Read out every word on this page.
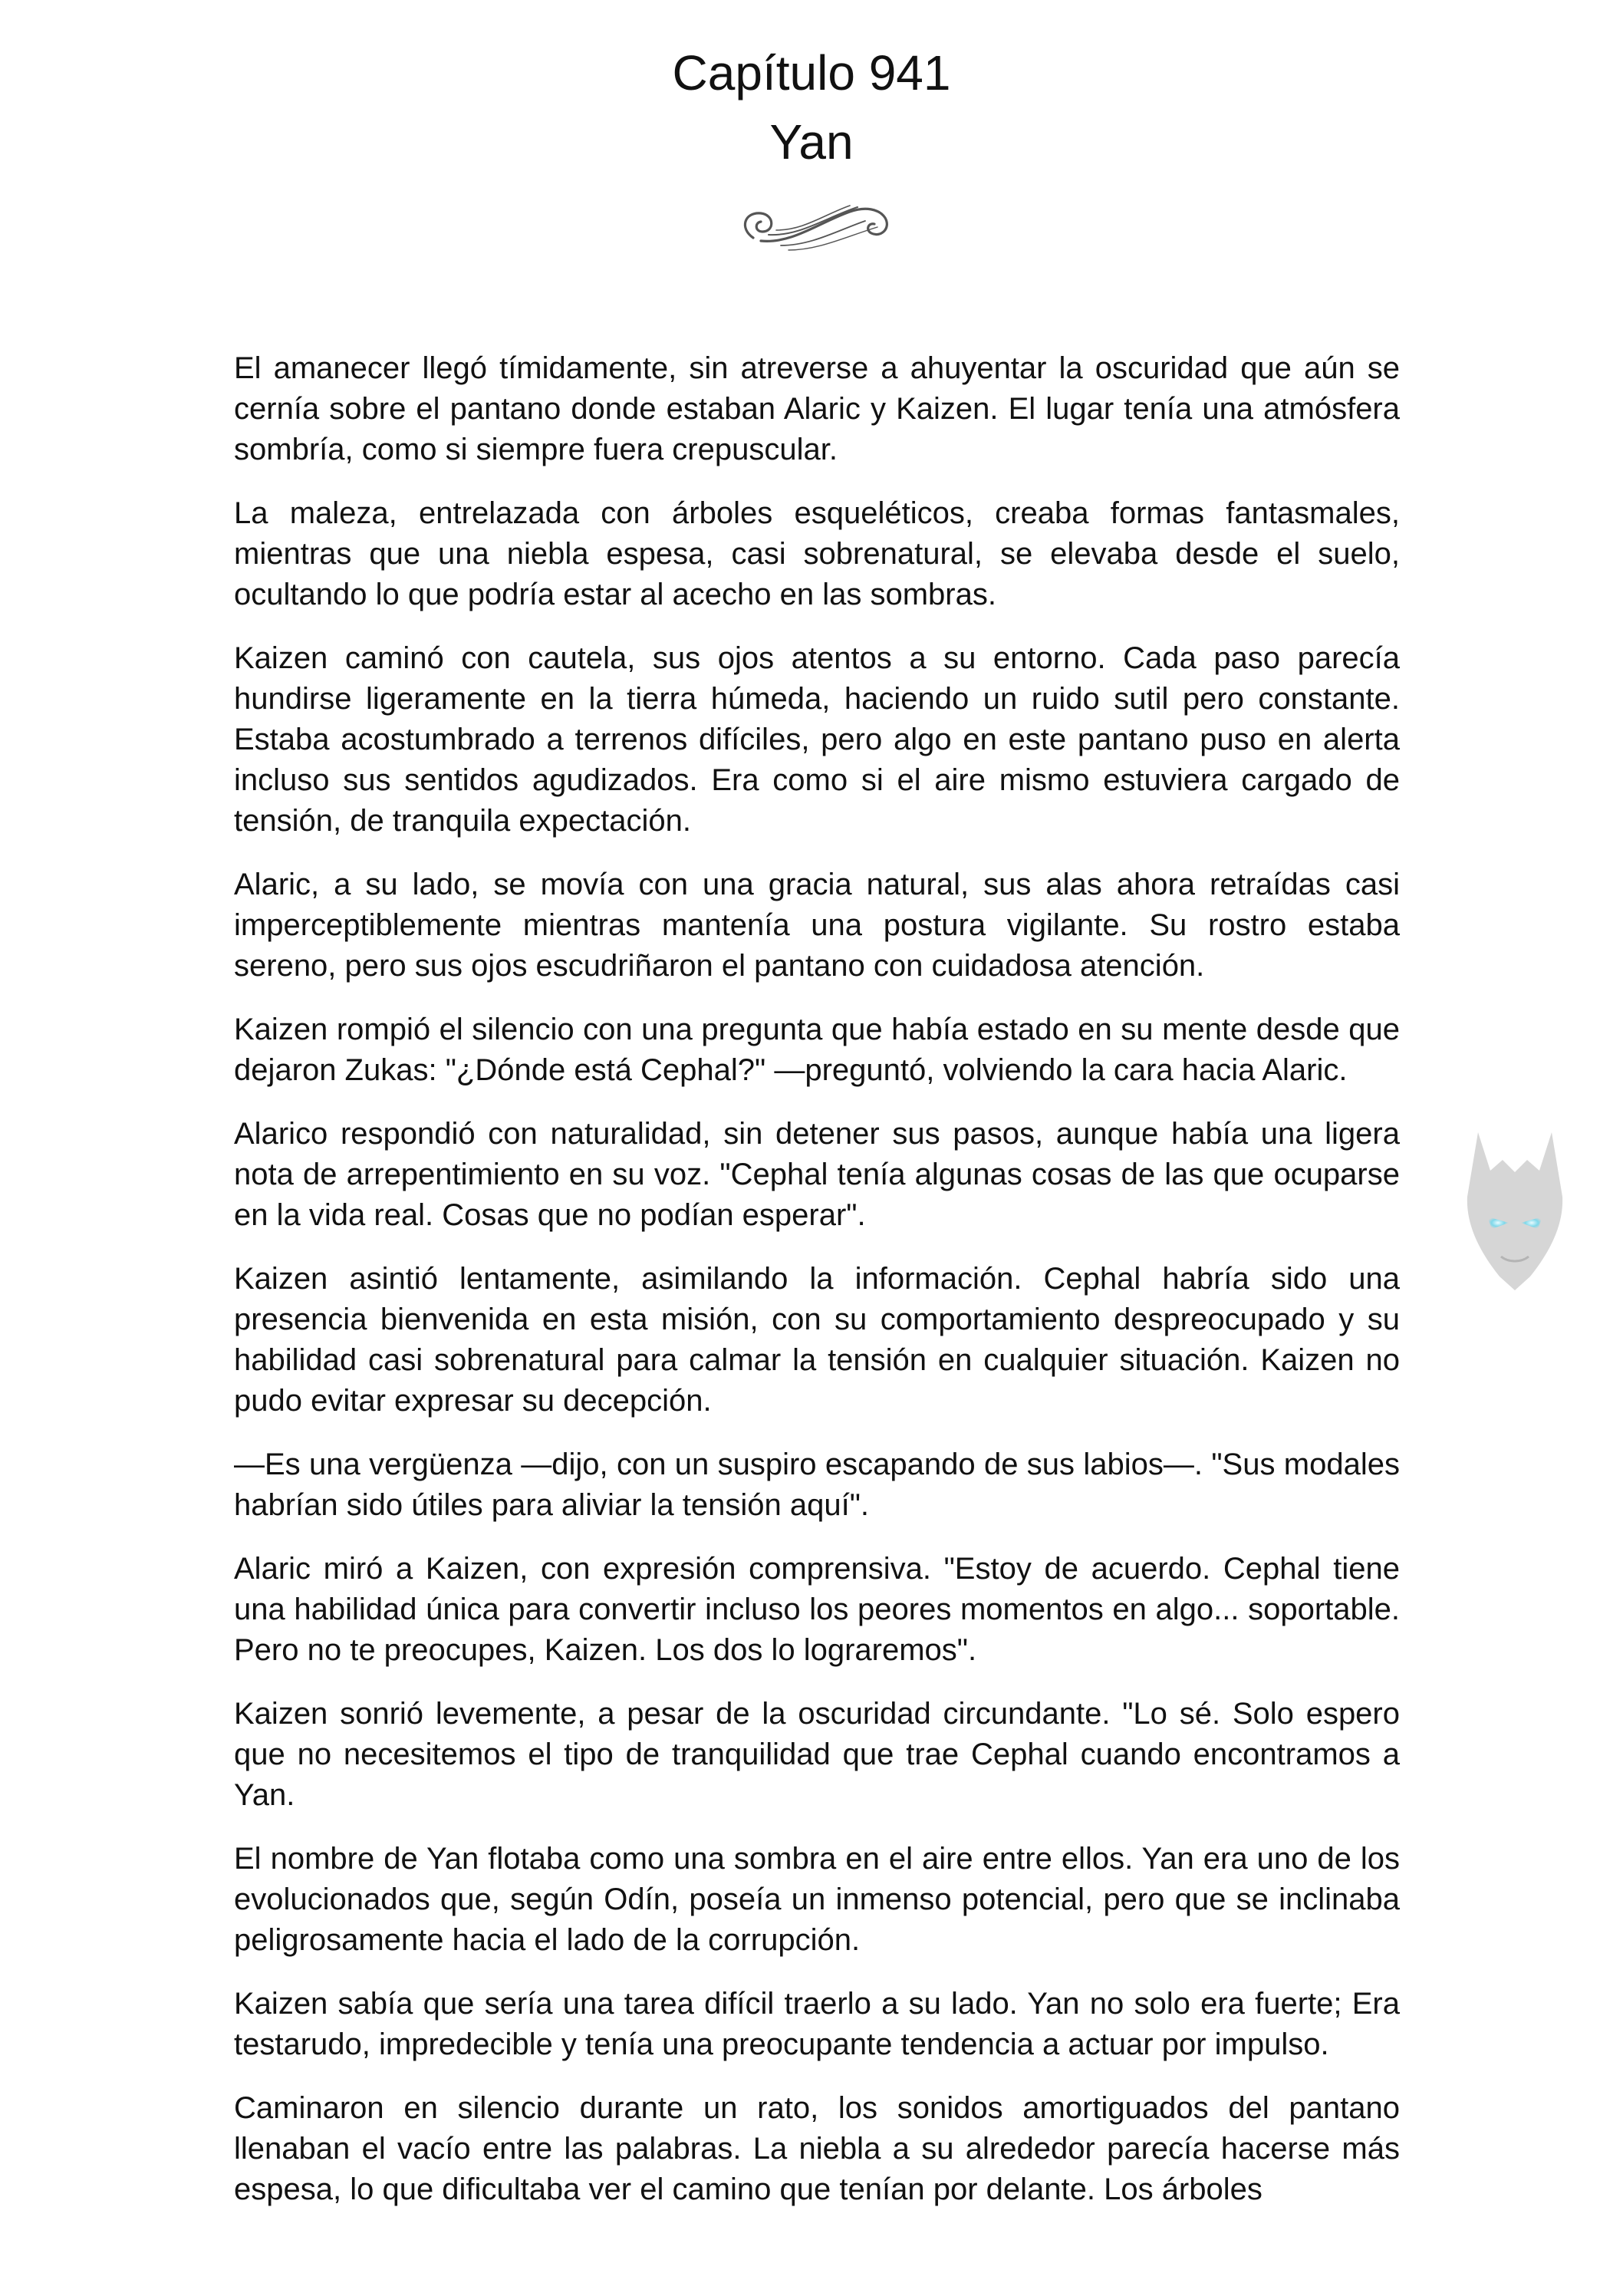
Capítulo 941
Yan

El amanecer llegó tímidamente, sin atreverse a ahuyentar la oscuridad que aún se cernía sobre el pantano donde estaban Alaric y Kaizen. El lugar tenía una atmósfera sombría, como si siempre fuera crepuscular.

La maleza, entrelazada con árboles esqueléticos, creaba formas fantasmales, mientras que una niebla espesa, casi sobrenatural, se elevaba desde el suelo, ocultando lo que podría estar al acecho en las sombras.

Kaizen caminó con cautela, sus ojos atentos a su entorno. Cada paso parecía hundirse ligeramente en la tierra húmeda, haciendo un ruido sutil pero constante. Estaba acostumbrado a terrenos difíciles, pero algo en este pantano puso en alerta incluso sus sentidos agudizados. Era como si el aire mismo estuviera cargado de tensión, de tranquila expectación.

Alaric, a su lado, se movía con una gracia natural, sus alas ahora retraídas casi imperceptiblemente mientras mantenía una postura vigilante. Su rostro estaba sereno, pero sus ojos escudriñaron el pantano con cuidadosa atención.

Kaizen rompió el silencio con una pregunta que había estado en su mente desde que dejaron Zukas: "¿Dónde está Cephal?" —preguntó, volviendo la cara hacia Alaric.

Alarico respondió con naturalidad, sin detener sus pasos, aunque había una ligera nota de arrepentimiento en su voz. "Cephal tenía algunas cosas de las que ocuparse en la vida real. Cosas que no podían esperar".

Kaizen asintió lentamente, asimilando la información. Cephal habría sido una presencia bienvenida en esta misión, con su comportamiento despreocupado y su habilidad casi sobrenatural para calmar la tensión en cualquier situación. Kaizen no pudo evitar expresar su decepción.

—Es una vergüenza —dijo, con un suspiro escapando de sus labios—. "Sus modales habrían sido útiles para aliviar la tensión aquí".

Alaric miró a Kaizen, con expresión comprensiva. "Estoy de acuerdo. Cephal tiene una habilidad única para convertir incluso los peores momentos en algo... soportable. Pero no te preocupes, Kaizen. Los dos lo lograremos".

Kaizen sonrió levemente, a pesar de la oscuridad circundante. "Lo sé. Solo espero que no necesitemos el tipo de tranquilidad que trae Cephal cuando encontramos a Yan.

El nombre de Yan flotaba como una sombra en el aire entre ellos. Yan era uno de los evolucionados que, según Odín, poseía un inmenso potencial, pero que se inclinaba peligrosamente hacia el lado de la corrupción.

Kaizen sabía que sería una tarea difícil traerlo a su lado. Yan no solo era fuerte; Era testarudo, impredecible y tenía una preocupante tendencia a actuar por impulso.

Caminaron en silencio durante un rato, los sonidos amortiguados del pantano llenaban el vacío entre las palabras. La niebla a su alrededor parecía hacerse más espesa, lo que dificultaba ver el camino que tenían por delante. Los árboles
